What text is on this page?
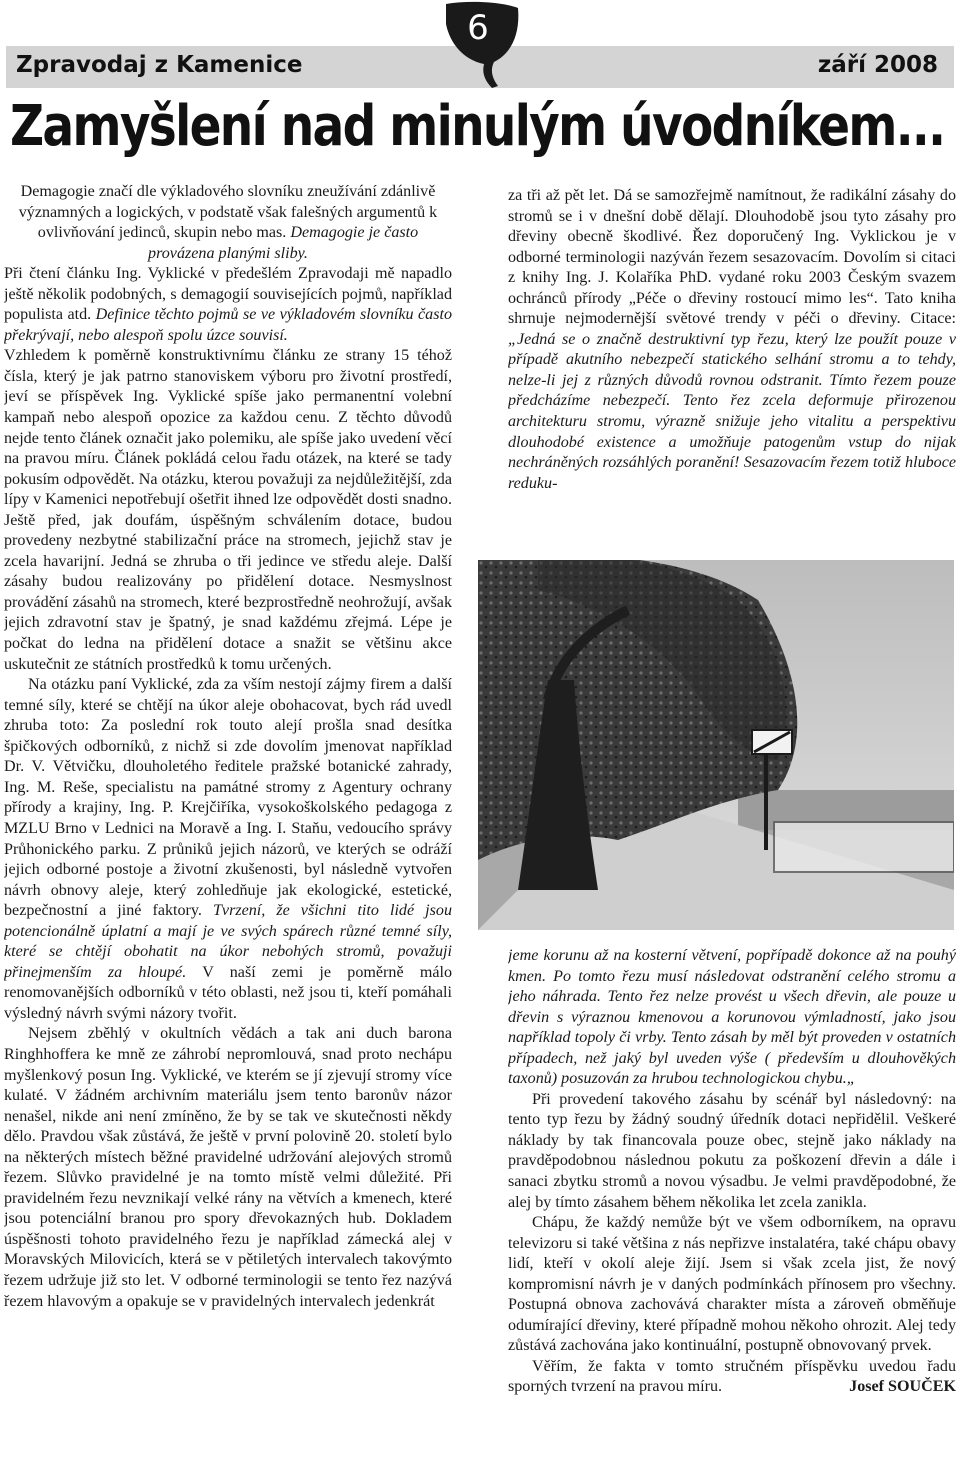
Zpravodaj z Kamenice	září 2008
6
Zamyšlení nad minulým úvodníkem...

Demagogie značí dle výkladového slovníku zneužívání zdánlivě významných a logických, v podstatě však falešných argumentů k ovlivňování jedinců, skupin nebo mas. Demagogie je často provázena planými sliby.

Při čtení článku Ing. Vyklické v předešlém Zpravodaji mě napadlo ještě několik podobných, s demagogií souvisejících pojmů, například populista atd. Definice těchto pojmů se ve výkladovém slovníku často překrývají, nebo alespoň spolu úzce souvisí.

Vzhledem k poměrně konstruktivnímu článku ze strany 15 téhož čísla, který je jak patrno stanoviskem výboru pro životní prostředí, jeví se příspěvek Ing. Vyklické spíše jako permanentní volební kampaň nebo alespoň opozice za každou cenu. Z těchto důvodů nejde tento článek označit jako polemiku, ale spíše jako uvedení věcí na pravou míru. Článek pokládá celou řadu otázek, na které se tady pokusím odpovědět. Na otázku, kterou považuji za nejdůležitější, zda lípy v Kamenici nepotřebují ošetřit ihned lze odpovědět dosti snadno. Ještě před, jak doufám, úspěšným schválením dotace, budou provedeny nezbytné stabilizační práce na stromech, jejichž stav je zcela havarijní. Jedná se zhruba o tři jedince ve středu aleje. Další zásahy budou realizovány po přidělení dotace. Nesmyslnost provádění zásahů na stromech, které bezprostředně neohrožují, avšak jejich zdravotní stav je špatný, je snad každému zřejmá. Lépe je počkat do ledna na přidělení dotace a snažit se většinu akce uskutečnit ze státních prostředků k tomu určených.

Na otázku paní Vyklické, zda za vším nestojí zájmy firem a další temné síly, které se chtějí na úkor aleje obohacovat, bych rád uvedl zhruba toto: Za poslední rok touto alejí prošla snad desítka špičkových odborníků, z nichž si zde dovolím jmenovat například Dr. V. Větvičku, dlouholetého ředitele pražské botanické zahrady, Ing. M. Reše, specialistu na památné stromy z Agentury ochrany přírody a krajiny, Ing. P. Krejčiříka, vysokoškolského pedagoga z MZLU Brno v Lednici na Moravě a Ing. I. Staňu, vedoucího správy Průhonického parku. Z průniků jejich názorů, ve kterých se odráží jejich odborné postoje a životní zkušenosti, byl následně vytvořen návrh obnovy aleje, který zohledňuje jak ekologické, estetické, bezpečnostní a jiné faktory. Tvrzení, že všichni tito lidé jsou potencionálně úplatní a mají je ve svých spárech různé temné síly, které se chtějí obohatit na úkor nebohých stromů, považuji přinejmenším za hloupé. V naší zemi je poměrně málo renomovanějších odborníků v této oblasti, než jsou ti, kteří pomáhali výsledný návrh svými názory tvořit.

Nejsem zběhlý v okultních vědách a tak ani duch barona Ringhhoffera ke mně ze záhrobí nepromlouvá, snad proto nechápu myšlenkový posun Ing. Vyklické, ve kterém se jí zjevují stromy více kulaté. V žádném archivním materiálu jsem tento baronův názor nenašel, nikde ani není zmíněno, že by se tak ve skutečnosti někdy dělo. Pravdou však zůstává, že ještě v první polovině 20. století bylo na některých místech běžné pravidelné udržování alejových stromů řezem. Slůvko pravidelné je na tomto místě velmi důležité. Při pravidelném řezu nevznikají velké rány na větvích a kmenech, které jsou potenciální branou pro spory dřevokazných hub. Dokladem úspěšnosti tohoto pravidelného řezu je například zámecká alej v Moravských Milovicích, která se v pětiletých intervalech takovýmto řezem udržuje již sto let. V odborné terminologii se tento řez nazývá řezem hlavovým a opakuje se v pravidelných intervalech jedenkrát

za tři až pět let. Dá se samozřejmě namítnout, že radikální zásahy do stromů se i v dnešní době dělají. Dlouhodobě jsou tyto zásahy pro dřeviny obecně škodlivé. Řez doporučený Ing. Vyklickou je v odborné terminologii nazýván řezem sesazovacím. Dovolím si citaci z knihy Ing. J. Kolaříka PhD. vydané roku 2003 Českým svazem ochránců přírody „Péče o dřeviny rostoucí mimo les“. Tato kniha shrnuje nejmodernější světové trendy v péči o dřeviny. Citace: „Jedná se o značně destruktivní typ řezu, který lze použít pouze v případě akutního nebezpečí statického selhání stromu a to tehdy, nelze-li jej z různých důvodů rovnou odstranit. Tímto řezem pouze předcházíme nebezpečí. Tento řez zcela deformuje přirozenou architekturu stromu, výrazně snižuje jeho vitalitu a perspektivu dlouhodobé existence a umožňuje patogenům vstup do nijak nechráněných rozsáhlých poranění! Sesazovacím řezem totiž hluboce reduku-

jeme korunu až na kosterní větvení, popřípadě dokonce až na pouhý kmen. Po tomto řezu musí následovat odstranění celého stromu a jeho náhrada. Tento řez nelze provést u všech dřevin, ale pouze u dřevin s výraznou kmenovou a korunovou výmladností, jako jsou například topoly či vrby. Tento zásah by měl být proveden v ostatních případech, než jaký byl uveden výše ( především u dlouhověkých taxonů) posuzován za hrubou technologickou chybu.„

Při provedení takového zásahu by scénář byl následovný: na tento typ řezu by žádný soudný úředník dotaci nepřidělil. Veškeré náklady by tak financovala pouze obec, stejně jako náklady na pravděpodobnou následnou pokutu za poškození dřevin a dále i sanaci zbytku stromů a novou výsadbu. Je velmi pravděpodobné, že alej by tímto zásahem během několika let zcela zanikla.

Chápu, že každý nemůže být ve všem odborníkem, na opravu televizoru si také většina z nás nepřizve instalatéra, také chápu obavy lidí, kteří v okolí aleje žijí. Jsem si však zcela jist, že nový kompromisní návrh je v daných podmínkách přínosem pro všechny. Postupná obnova zachovává charakter místa a zároveň obměňuje odumírající dřeviny, které případně mohou někoho ohrozit. Alej tedy zůstává zachována jako kontinuální, postupně obnovovaný prvek.

Věřím, že fakta v tomto stručném příspěvku uvedou řadu sporných tvrzení na pravou míru.	Josef SOUČEK
